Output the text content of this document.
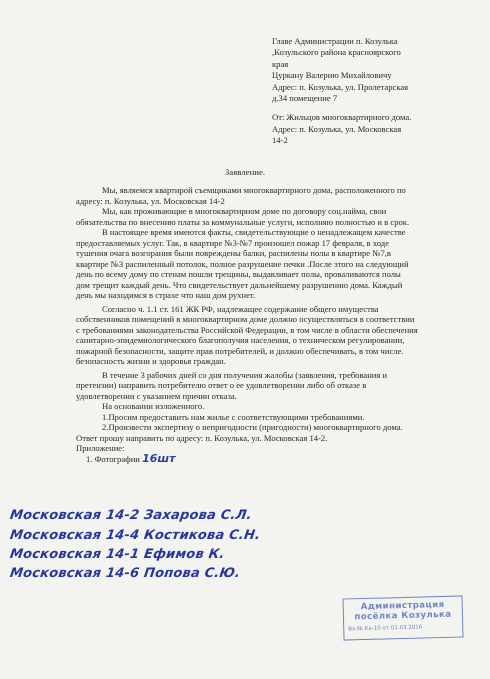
Главе Администрации п. Козулька
,Козульского района красноярского
края
Цуркану Валерию Михайловичу
Адрес: п. Козулька, ул. Пролетарская
д.34 помещение 7
От: Жильцов многоквартирного дома.
Адрес: п. Козулька, ул. Московская
14-2
Заявление.

Мы, являемся квартирой съемщиками многоквартирного дома, расположенного по

адресу: п. Козулька, ул. Московская 14-2

Мы, как проживающие в многоквартирном доме по договору соц.найма, свои

обязательства по внесению платы за коммунальные услуги, исполняю полностью и в срок.

В настоящее время имеются факты, свидетельствующие о ненадлежащем качестве

предоставляемых услуг. Так, в квартире №3-№7 произошел пожар 17 февраля, в ходе

тушения очага возгорания были повреждены балки, распилены полы в квартире №7,в

квартире №3 распиленный потолок, полное разрушение печки .После этого на следующий

день по всему дому по стенам пошли трещины, выдавливает полы, проваливаются полы

дом трещит каждый день. Что свидетельствует дальнейшему разрушению дома. Каждый

день мы находимся в страхе что наш дом рухнет.

Согласно ч. 1.1 ст. 161 ЖК РФ, надлежащее содержание общего имущества

собственников помещений в многоквартирном доме должно осуществляться в соответствии

с требованиями законодательства Российской Федерации, в том числе в области обеспечения

санитарно-эпидемиологического благополучия населения, о техническом регулировании,

пожарной безопасности, защите прав потребителей, и должно обеспечивать, в том числе.

безопасность жизни и здоровья граждан.

В течение 3 рабочих дней со дня получения жалобы (заявления, требования и

претензии) направить потребителю ответ о ее удовлетворении либо об отказе в

удовлетворении с указанием причин отказа.

На основании изложенного.

1.Просим предоставить нам жилье с соответствующими требованиями.

2.Произвести экспертизу о непригодности (пригодности) многоквартирного дома.

Ответ прошу направить по адресу: п. Козулька, ул. Московская 14-2.

Приложение:

1. Фотографии 16шт

Московская 14-2 Захарова С.Л.
Московская 14-4 Костикова С.Н.
Московская 14-1 Ефимов К.
Московская 14-6 Попова С.Ю.
Администрация
посёлка Козулька
Вх.№ Ка-10 от 01.03.2016
